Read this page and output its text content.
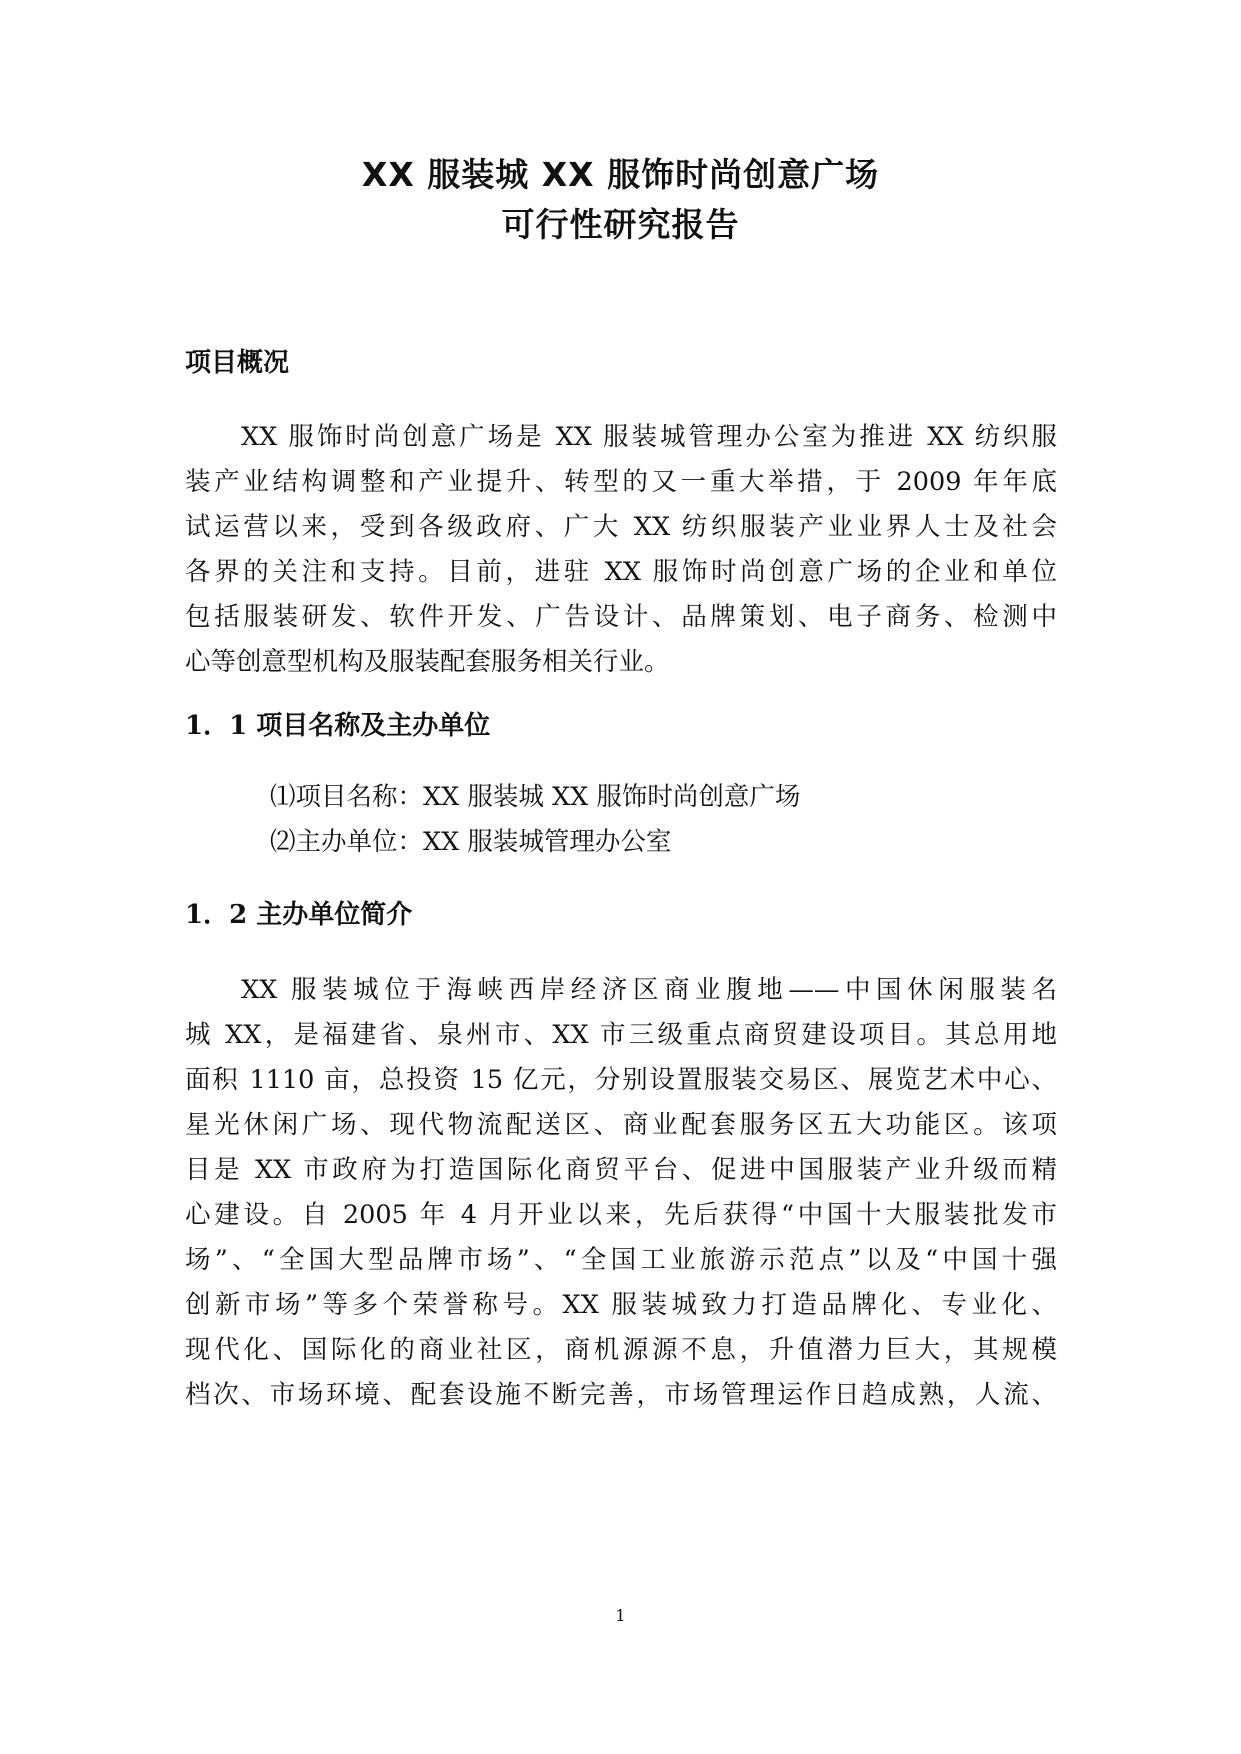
XX 服装城 XX 服饰时尚创意广场
可行性研究报告
项目概况
XX 服饰时尚创意广场是 XX 服装城管理办公室为推进 XX 纺织服
装产业结构调整和产业提升、转型的又一重大举措，于 2009 年年底
试运营以来，受到各级政府、广大 XX 纺织服装产业业界人士及社会
各界的关注和支持。目前，进驻 XX 服饰时尚创意广场的企业和单位
包括服装研发、软件开发、广告设计、品牌策划、电子商务、检测中
心等创意型机构及服装配套服务相关行业。
1．1 项目名称及主办单位
⑴项目名称：XX 服装城 XX 服饰时尚创意广场
⑵主办单位：XX 服装城管理办公室
1．2 主办单位简介
XX 服装城位于海峡西岸经济区商业腹地——中国休闲服装名
城 XX，是福建省、泉州市、XX 市三级重点商贸建设项目。其总用地
面积 1110 亩，总投资 15 亿元，分别设置服装交易区、展览艺术中心、
星光休闲广场、现代物流配送区、商业配套服务区五大功能区。该项
目是 XX 市政府为打造国际化商贸平台、促进中国服装产业升级而精
心建设。自 2005 年 4 月开业以来，先后获得“中国十大服装批发市
场”、“全国大型品牌市场”、“全国工业旅游示范点”以及“中国十强
创新市场”等多个荣誉称号。XX 服装城致力打造品牌化、专业化、
现代化、国际化的商业社区，商机源源不息，升值潜力巨大，其规模
档次、市场环境、配套设施不断完善，市场管理运作日趋成熟，人流、
1
